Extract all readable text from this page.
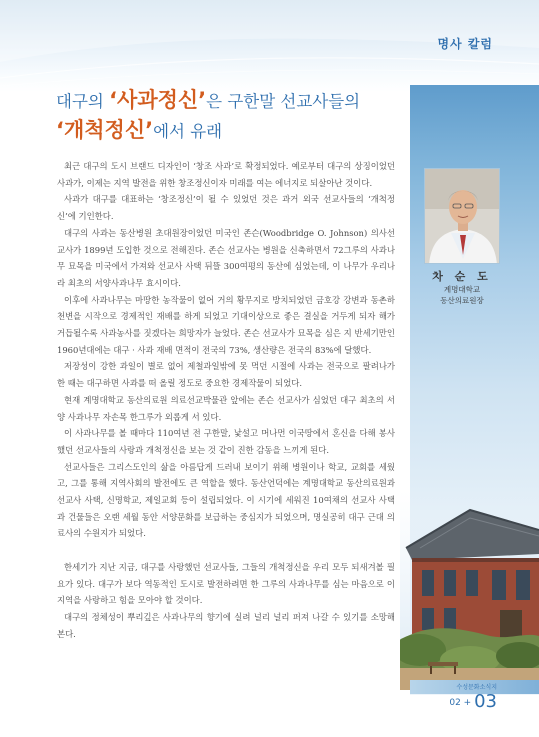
명사 칼럼
대구의 ‘사과정신’은 구한말 선교사들의
‘개척정신’에서 유래

최근 대구의 도시 브랜드 디자인이 ‘창조 사과’로 확정되었다. 예로부터 대구의 상징이었던 사과가, 이제는 지역 발전을 위한 창조정신이자 미래를 여는 에너지로 되살아난 것이다.

사과가 대구를 대표하는 ‘창조정신’이 될 수 있었던 것은 과거 외국 선교사들의 ‘개척정신’에 기인한다.

대구의 사과는 동산병원 초대원장이었던 미국인 존슨(Woodbridge O. Johnson) 의사선교사가 1899년 도입한 것으로 전해진다. 존슨 선교사는 병원을 신축하면서 72그루의 사과나무 묘목을 미국에서 가져와 선교사 사택 뒤뜰 300여평의 동산에 심었는데, 이 나무가 우리나라 최초의 서양사과나무 효시이다.

이후에 사과나무는 마땅한 농작물이 없어 거의 황무지로 방치되었던 금호강 강변과 동촌하천변을 시작으로 경제적인 재배를 하게 되었고 기대이상으로 좋은 결실을 거두게 되자 해가 거듭될수록 사과농사를 짓겠다는 희망자가 늘었다. 존슨 선교사가 묘목을 심은 지 반세기만인 1960년대에는 대구 · 사과 재배 면적이 전국의 73%, 생산량은 전국의 83%에 달했다.

저장성이 강한 과일이 별로 없어 제철과일밖에 못 먹던 시절에 사과는 전국으로 팔려나가 한 때는 대구하면 사과를 떠 올릴 정도로 중요한 경제작물이 되었다.

현재 계명대학교 동산의료원 의료선교박물관 앞에는 존슨 선교사가 심었던 대구 최초의 서양 사과나무 자손목 한그루가 외롭게 서 있다.

이 사과나무를 볼 때마다 110여년 전 구한말, 낯설고 머나먼 이국땅에서 혼신을 다해 봉사했던 선교사들의 사랑과 개척정신을 보는 것 같이 진한 감동을 느끼게 된다.

선교사들은 그리스도인의 삶을 아름답게 드러내 보이기 위해 병원이나 학교, 교회를 세웠고, 그를 통해 지역사회의 발전에도 큰 역할을 했다. 동산언덕에는 계명대학교 동산의료원과 선교사 사택, 신명학교, 제일교회 등이 설립되었다. 이 시기에 세워진 10여채의 선교사 사택과 건물들은 오랜 세월 동안 서양문화를 보급하는 중심지가 되었으며, 명실공히 대구 근대 의료사의 수원지가 되었다.

한세기가 지난 지금, 대구를 사랑했던 선교사들, 그들의 개척정신을 우리 모두 되새겨볼 필요가 있다. 대구가 보다 역동적인 도시로 발전하려면 한 그루의 사과나무를 심는 마음으로 이 지역을 사랑하고 힘을 모아야 할 것이다.

대구의 정체성이 뿌리깊은 사과나무의 향기에 실려 널리 널리 퍼져 나갈 수 있기를 소망해 본다.

차 순 도
계명대학교
동산의료원장
수성문화소식지
02 + 03
